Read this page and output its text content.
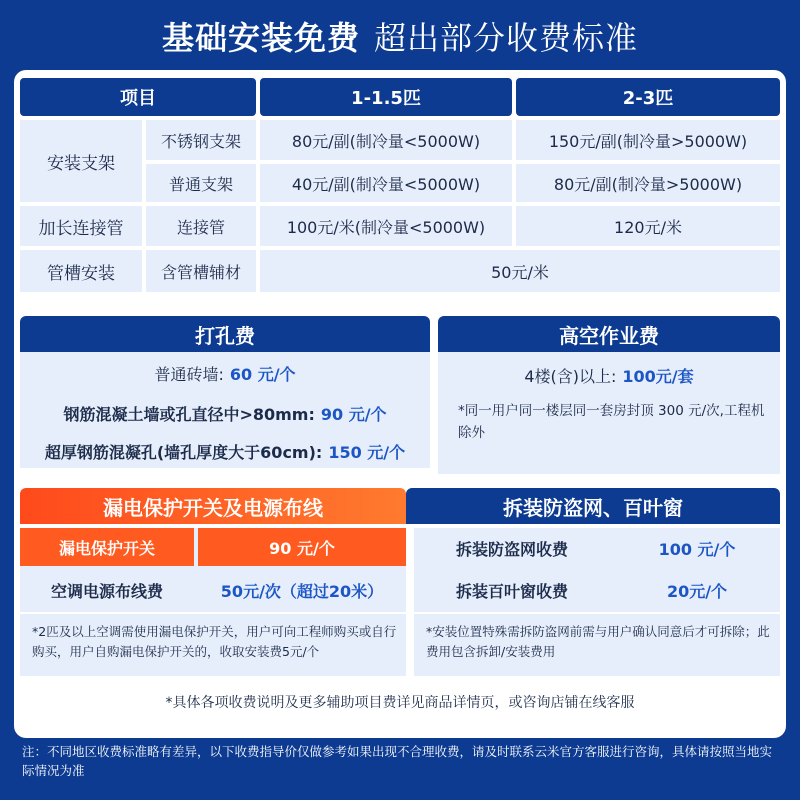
基础安装免费 超出部分收费标准
项目	1-1.5匹	2-3匹
安装支架
不锈钢支架	80元/副(制冷量<5000W)	150元/副(制冷量>5000W)
普通支架	40元/副(制冷量<5000W)	80元/副(制冷量>5000W)
加长连接管	连接管	100元/米(制冷量<5000W)	120元/米
管槽安装	含管槽辅材	50元/米
打孔费
普通砖墙: 60 元/个
钢筋混凝土墙或孔直径中>80mm: 90 元/个
超厚钢筋混凝孔(墙孔厚度大于60cm): 150 元/个
高空作业费
4楼(含)以上: 100元/套
*同一用户同一楼层同一套房封顶 300 元/次,工程机除外
漏电保护开关及电源布线
漏电保护开关	90 元/个
空调电源布线费	50元/次（超过20米）
*2匹及以上空调需使用漏电保护开关，用户可向工程师购买或自行购买，用户自购漏电保护开关的，收取安装费5元/个
拆装防盗网、百叶窗
拆装防盗网收费	100 元/个
拆装百叶窗收费	20元/个
*安装位置特殊需拆防盗网前需与用户确认同意后才可拆除；此费用包含拆卸/安装费用
*具体各项收费说明及更多辅助项目费详见商品详情页，或咨询店铺在线客服
注：不同地区收费标准略有差异，以下收费指导价仅做参考如果出现不合理收费，请及时联系云米官方客服进行咨询，具体请按照当地实际情况为准
